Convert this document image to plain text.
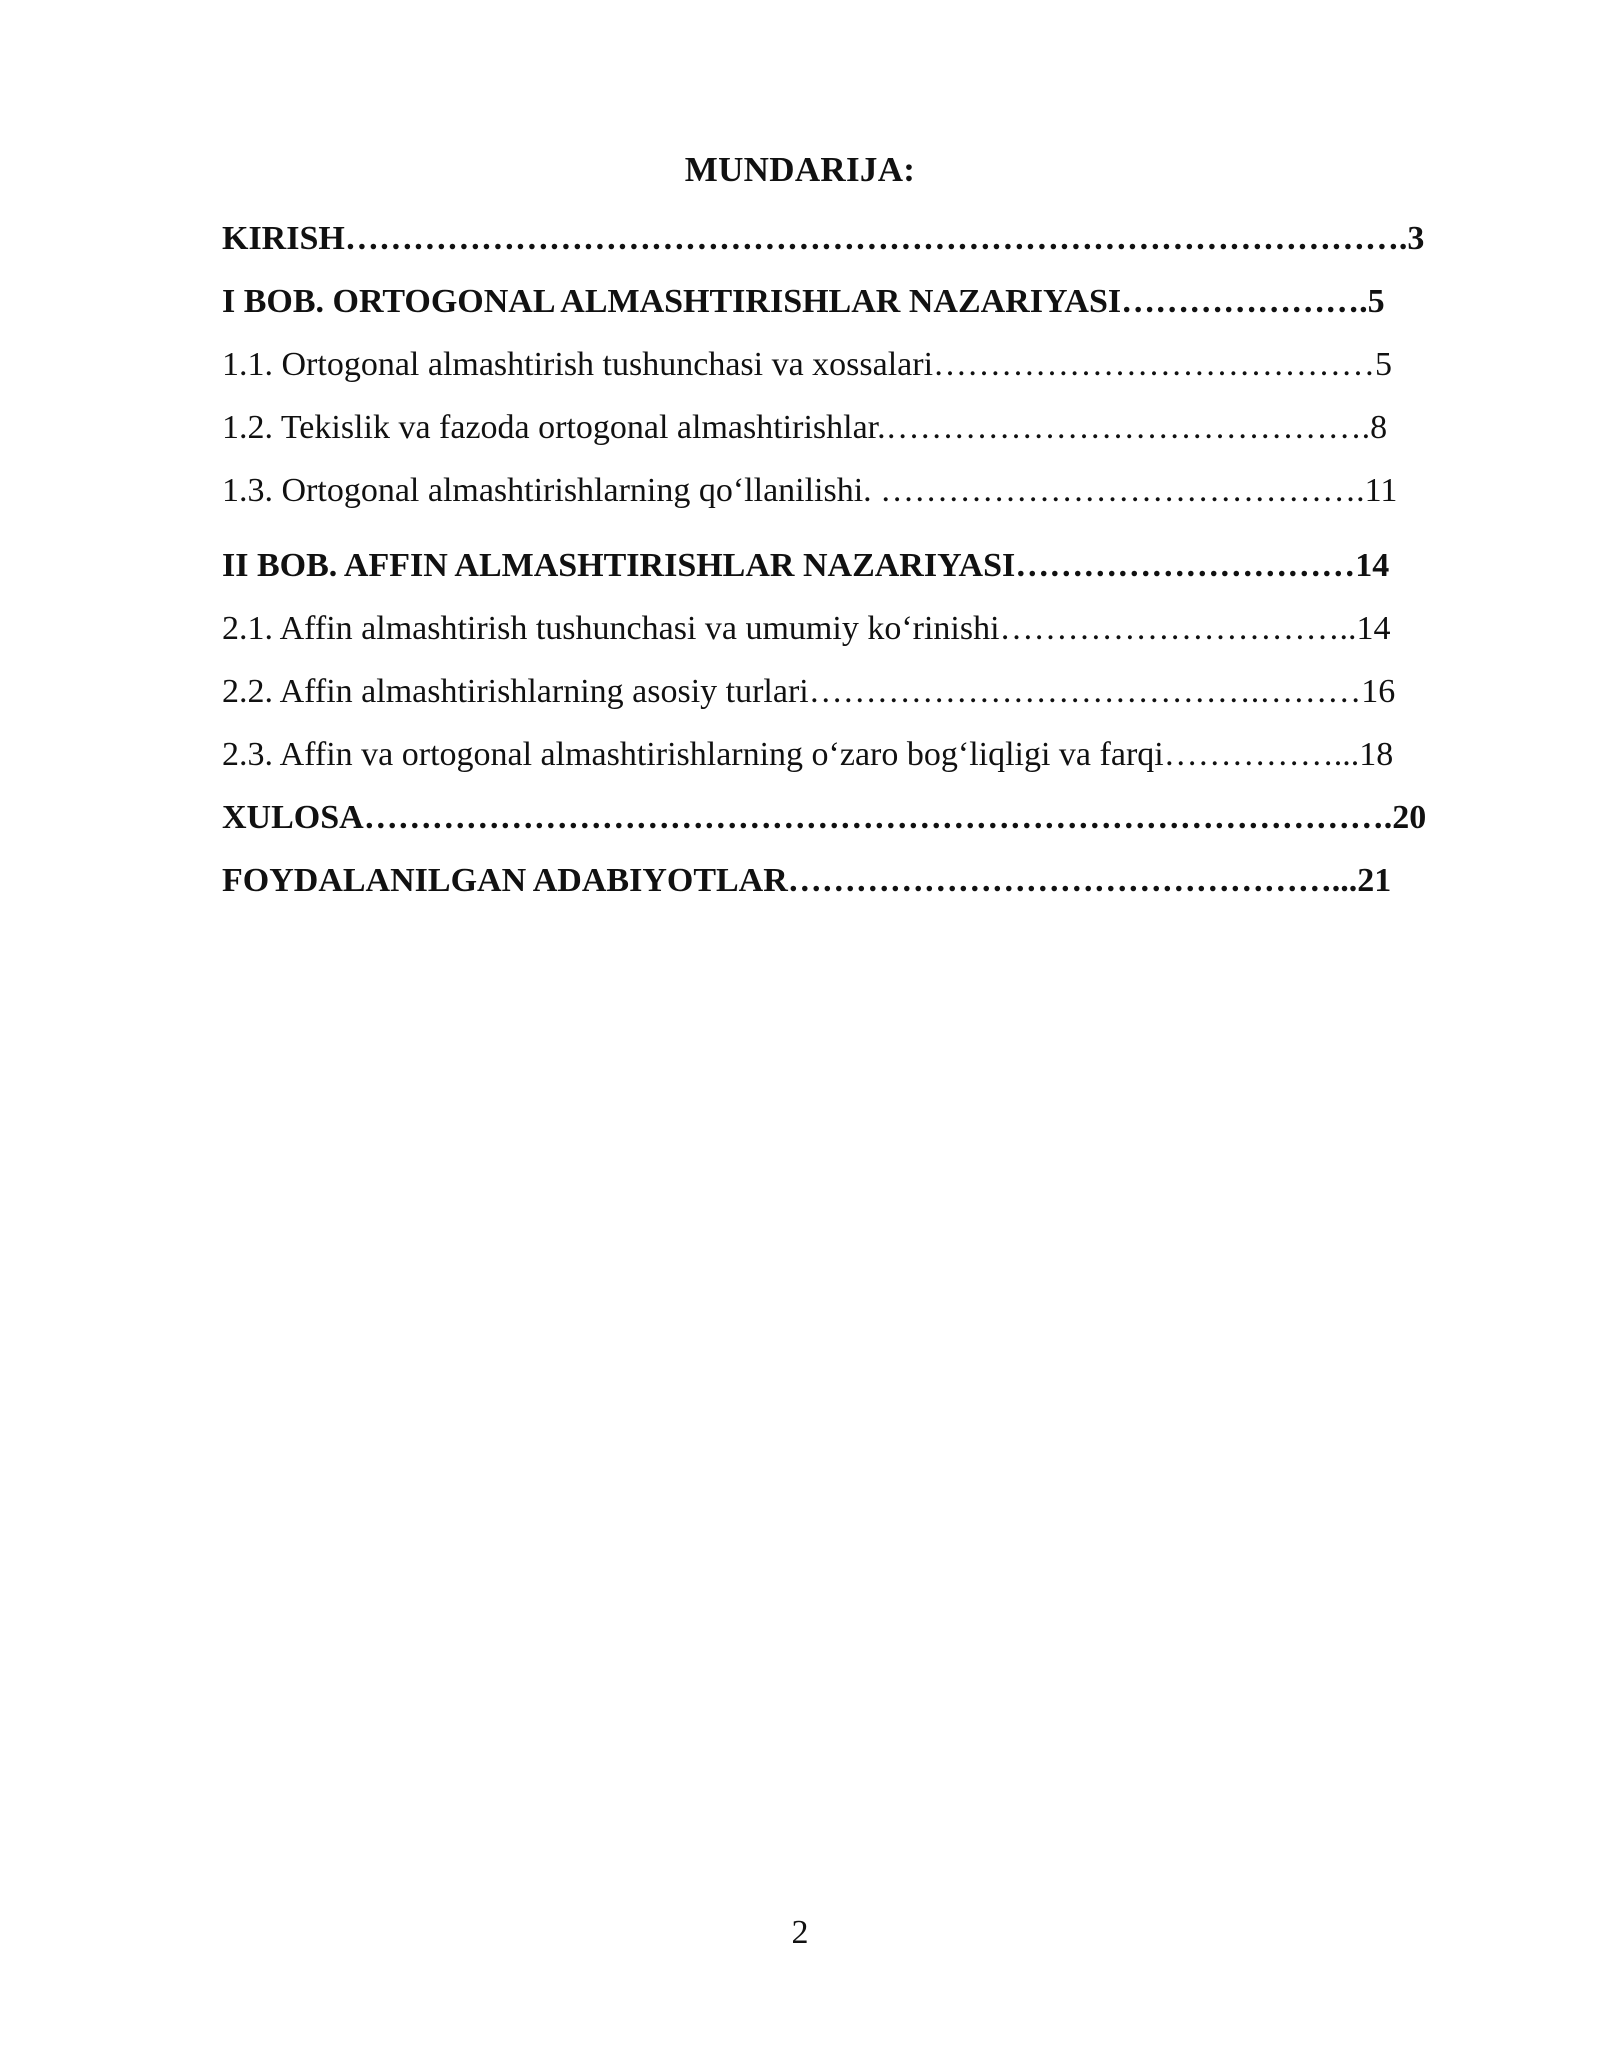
MUNDARIJA:
KIRISH………………………………………………………………………………….3
I BOB. ORTOGONAL ALMASHTIRISHLAR NAZARIYASI………………….5
1.1. Ortogonal almashtirish tushunchasi va xossalari…………………………………5
1.2. Tekislik va fazoda ortogonal almashtirishlar.…………………………………….8
1.3. Ortogonal almashtirishlarning qoʻllanilishi. …………………………………….11
II BOB. AFFIN ALMASHTIRISHLAR NAZARIYASI…………………………14
2.1. Affin almashtirish tushunchasi va umumiy koʻrinishi…………………………..14
2.2. Affin almashtirishlarning asosiy turlari………………………………….………16
2.3. Affin va ortogonal almashtirishlarning oʻzaro bogʻliqligi va farqi……………...18
XULOSA……………………………………………………………………………….20
FOYDALANILGAN ADABIYOTLAR…………………………………………...21
2
